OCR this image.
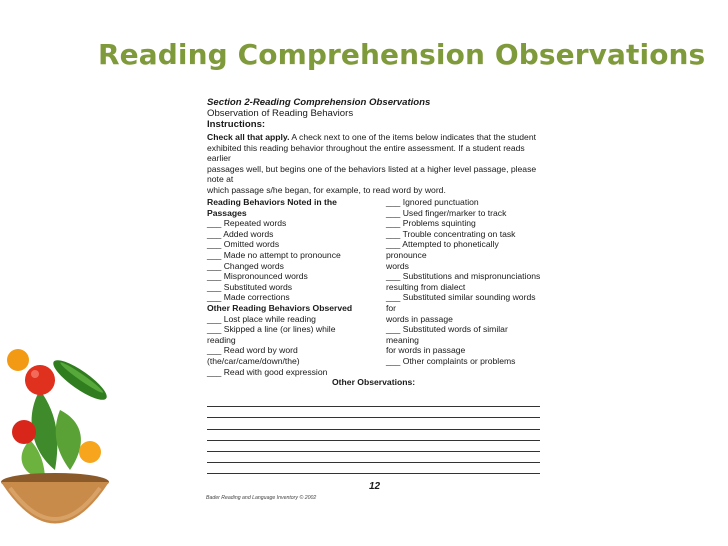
Reading Comprehension Observations
Section 2-Reading Comprehension Observations
Observation of Reading Behaviors
Instructions:
Check all that apply. A check next to one of the items below indicates that the student
exhibited this reading behavior throughout the entire assessment. If a student reads
earlier
passages well, but begins one of the behaviors listed at a higher level passage, please
note at
which passage s/he began, for example, to read word by word.
Reading Behaviors Noted in the
Passages
___ Repeated words
___ Added words
___ Omitted words
___ Made no attempt to pronounce
___ Changed words
___ Mispronounced words
___ Substituted words
___ Made corrections
Other Reading Behaviors Observed
___ Lost place while reading
___ Skipped a line (or lines) while
reading
___ Read word by word
(the/car/came/down/the)
___ Read with good expression
___ Ignored punctuation
___ Used finger/marker to track
___ Problems squinting
___ Trouble concentrating on task
___ Attempted to phonetically
pronounce
words
___ Substitutions and mispronunciations
resulting from dialect
___ Substituted similar sounding words
for
words in passage
___ Substituted words of similar
meaning
for words in passage
___ Other complaints or problems
Other Observations:
12
Bader Reading and Language Inventory © 2002
